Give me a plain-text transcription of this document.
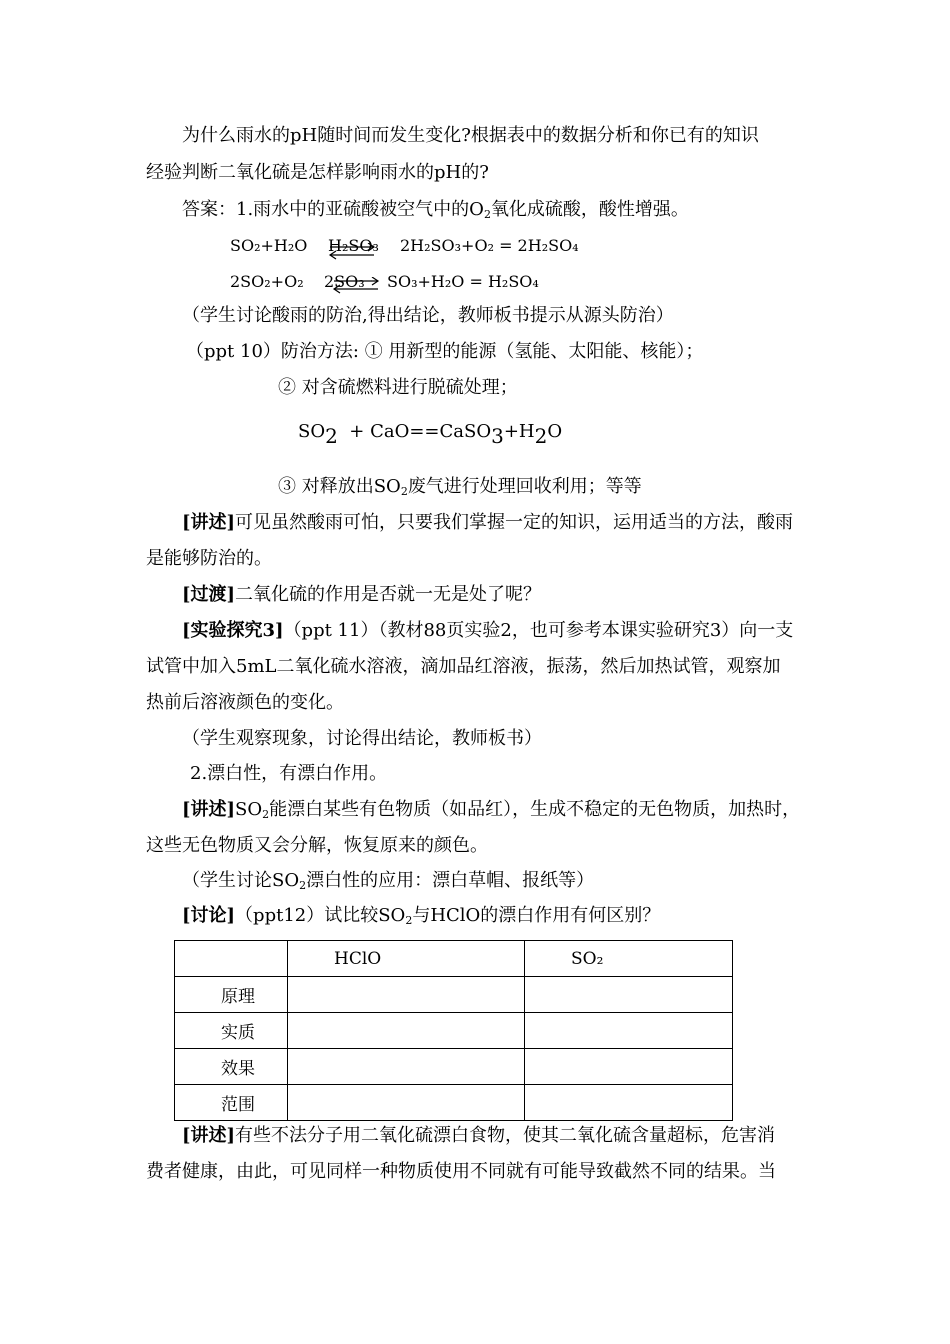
为什么雨水的pH随时间而发生变化?根据表中的数据分析和你已有的知识
经验判断二氧化硫是怎样影响雨水的pH的?
答案：1.雨水中的亚硫酸被空气中的$O_2$氧化成硫酸，酸性增强。
SO₂+H₂O H₂SO₃ 2H₂SO₃+O₂ = 2H₂SO₄
2SO₂+O₂ 2SO₃ SO₃+H₂O = H₂SO₄
（学生讨论酸雨的防治,得出结论，教师板书提示从源头防治）
（ppt 10）防治方法: ① 用新型的能源（氢能、太阳能、核能）；
② 对含硫燃料进行脱硫处理；
SO2  + CaO==CaSO3+H2O
③ 对释放出$SO_2$废气进行处理回收利用；等等
[讲述]可见虽然酸雨可怕，只要我们掌握一定的知识，运用适当的方法，酸雨
是能够防治的。
[过渡]二氧化硫的作用是否就一无是处了呢？
[实验探究3]（ppt 11）（教材88页实验2，也可参考本课实验研究3）向一支
试管中加入5mL二氧化硫水溶液，滴加品红溶液，振荡，然后加热试管，观察加
热前后溶液颜色的变化。
（学生观察现象，讨论得出结论，教师板书）
2.漂白性，有漂白作用。
[讲述]$SO_2$能漂白某些有色物质（如品红），生成不稳定的无色物质，加热时，
这些无色物质又会分解，恢复原来的颜色。
（学生讨论$SO_2$漂白性的应用：漂白草帽、报纸等）
[讨论]（ppt12）试比较$SO_2$与HClO的漂白作用有何区别？
	HClO	SO₂
原理		
实质		
效果		
范围		
[讲述]有些不法分子用二氧化硫漂白食物，使其二氧化硫含量超标，危害消
费者健康，由此，可见同样一种物质使用不同就有可能导致截然不同的结果。当
